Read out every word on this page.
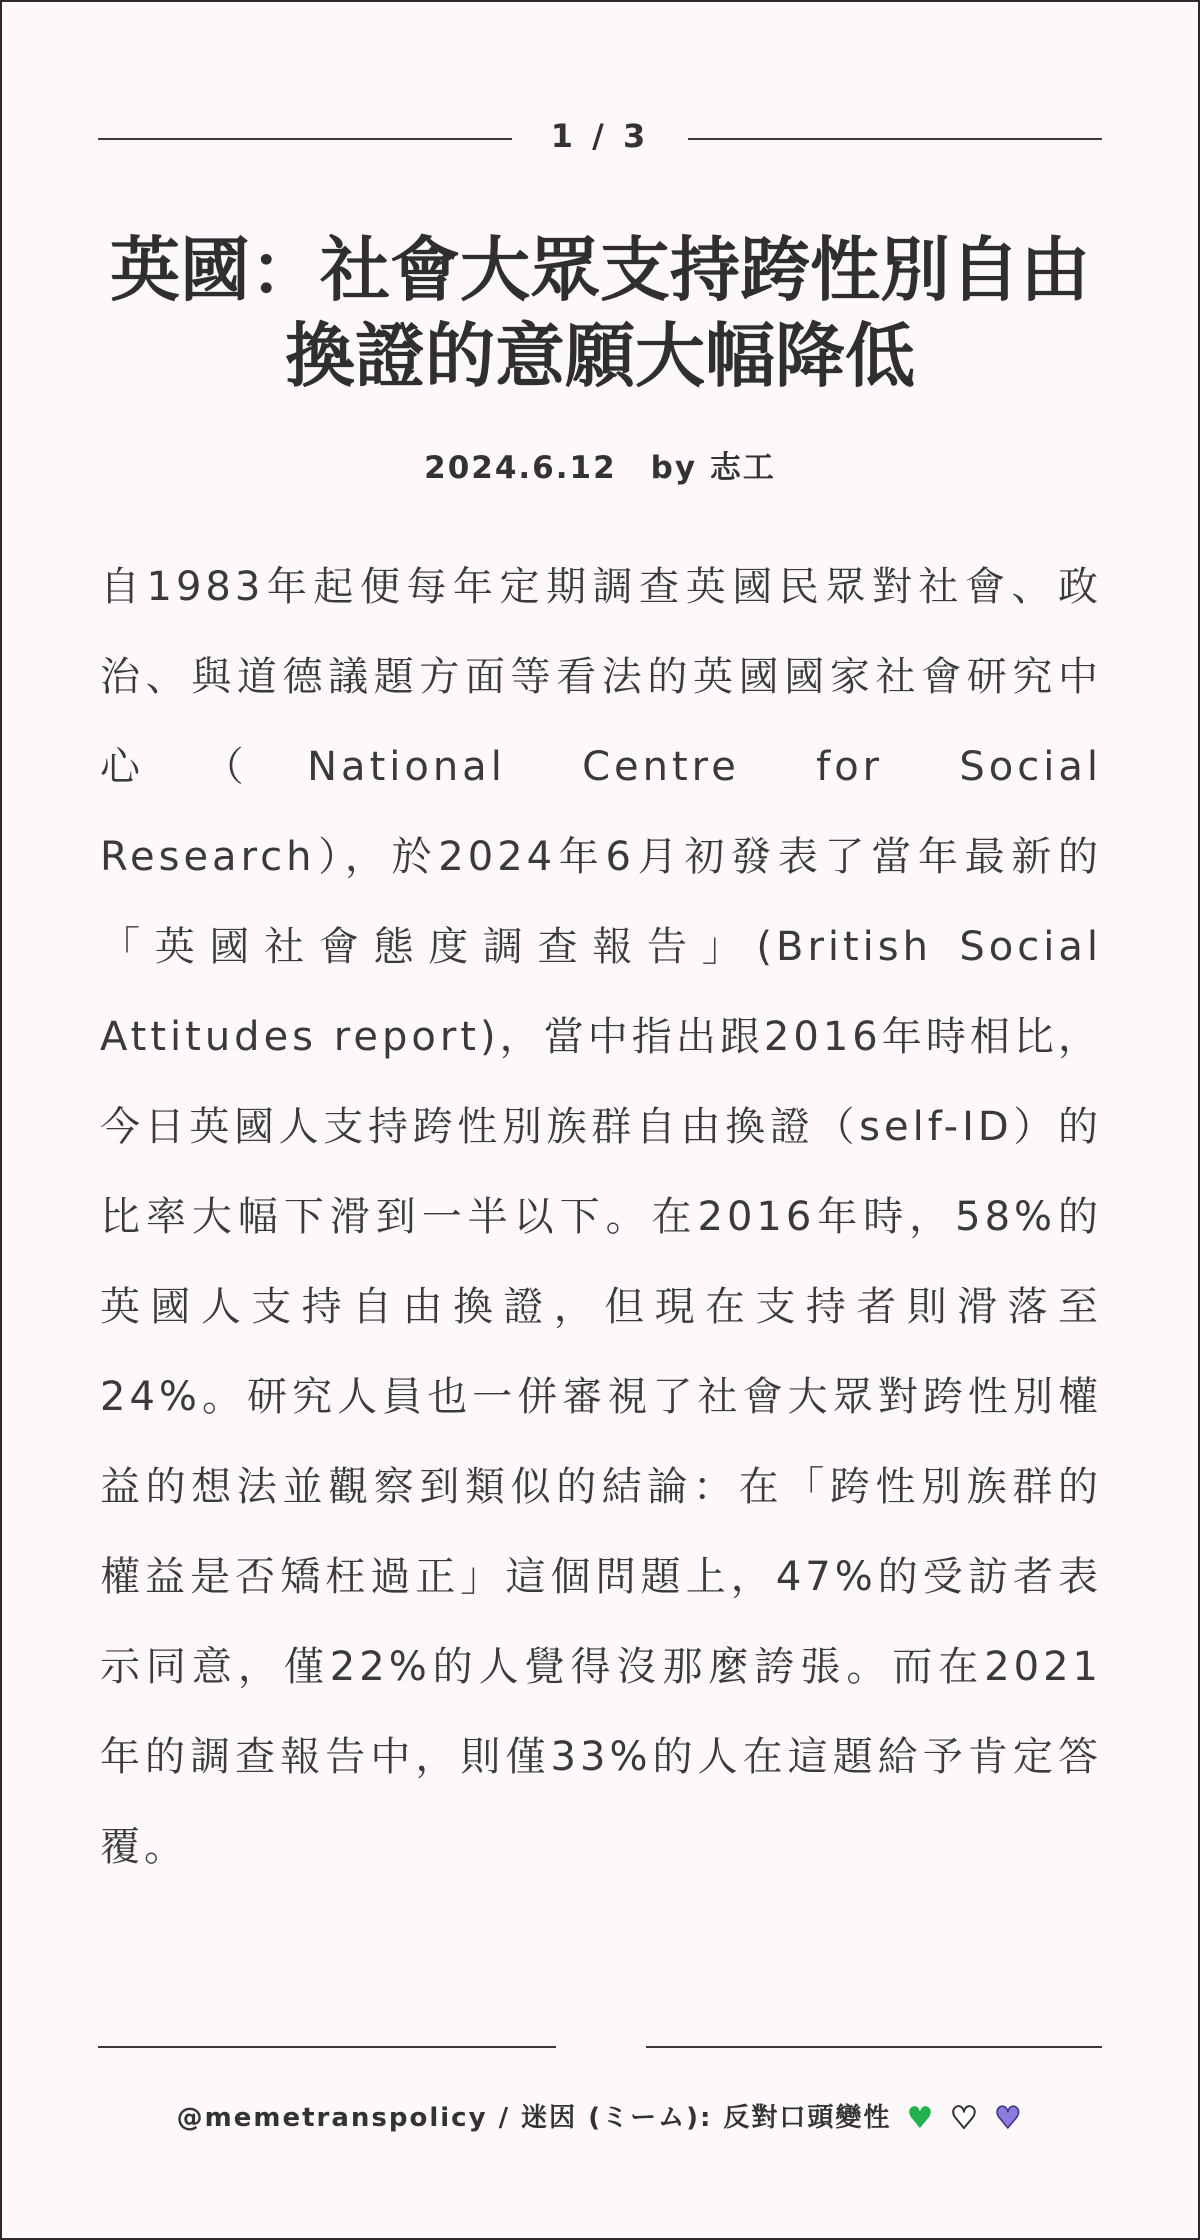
1 / 3
英國：社會大眾支持跨性別自由換證的意願大幅降低
2024.6.12 by 志工

自1983年起便每年定期調查英國民眾對社會、政治、與道德議題方面等看法的英國國家社會研究中心（National Centre for Social Research），於2024年6月初發表了當年最新的「英國社會態度調查報告」(British Social Attitudes report)，當中指出跟2016年時相比，今日英國人支持跨性別族群自由換證（self-ID）的比率大幅下滑到一半以下。在2016年時，58%的英國人支持自由換證，但現在支持者則滑落至24%。研究人員也一併審視了社會大眾對跨性別權益的想法並觀察到類似的結論：在「跨性別族群的權益是否矯枉過正」這個問題上，47%的受訪者表示同意，僅22%的人覺得沒那麼誇張。而在2021年的調查報告中，則僅33%的人在這題給予肯定答覆。

@memetranspolicy / 迷因 (ミーム): 反對口頭變性 ♥ ♥ ♥
